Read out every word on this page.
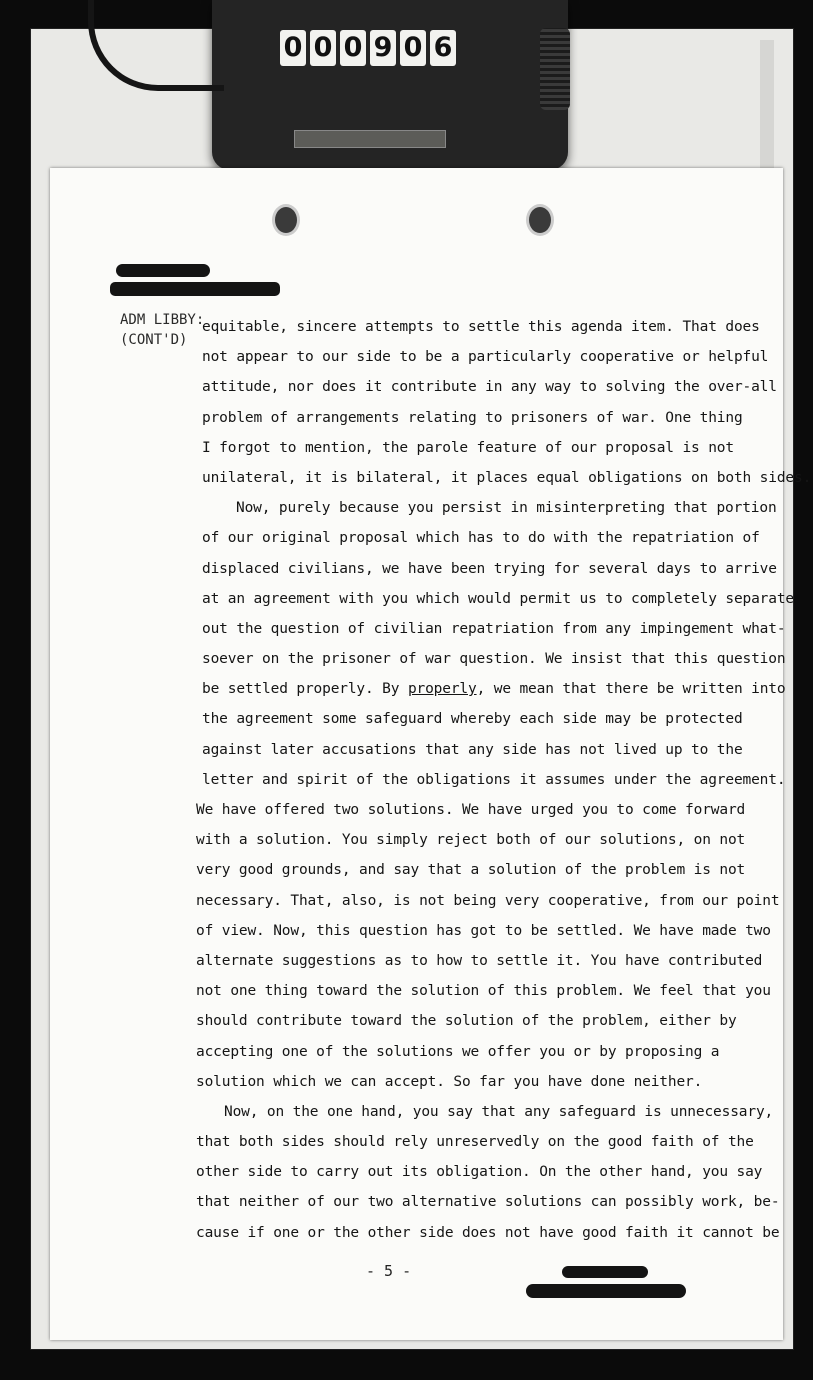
0 0 0 9 0 6
ADM LIBBY:
(CONT'D)
equitable, sincere attempts to settle this agenda item. That does
not appear to our side to be a particularly cooperative or helpful
attitude, nor does it contribute in any way to solving the over-all
problem of arrangements relating to prisoners of war. One thing
I forgot to mention, the parole feature of our proposal is not
unilateral, it is bilateral, it places equal obligations on both sides.
Now, purely because you persist in misinterpreting that portion
of our original proposal which has to do with the repatriation of
displaced civilians, we have been trying for several days to arrive
at an agreement with you which would permit us to completely separate
out the question of civilian repatriation from any impingement what-
soever on the prisoner of war question. We insist that this question
be settled properly. By properly, we mean that there be written into
the agreement some safeguard whereby each side may be protected
against later accusations that any side has not lived up to the
letter and spirit of the obligations it assumes under the agreement.
We have offered two solutions. We have urged you to come forward
with a solution. You simply reject both of our solutions, on not
very good grounds, and say that a solution of the problem is not
necessary. That, also, is not being very cooperative, from our point
of view. Now, this question has got to be settled. We have made two
alternate suggestions as to how to settle it. You have contributed
not one thing toward the solution of this problem. We feel that you
should contribute toward the solution of the problem, either by
accepting one of the solutions we offer you or by proposing a
solution which we can accept. So far you have done neither.
Now, on the one hand, you say that any safeguard is unnecessary,
that both sides should rely unreservedly on the good faith of the
other side to carry out its obligation. On the other hand, you say
that neither of our two alternative solutions can possibly work, be-
cause if one or the other side does not have good faith it cannot be
- 5 -
